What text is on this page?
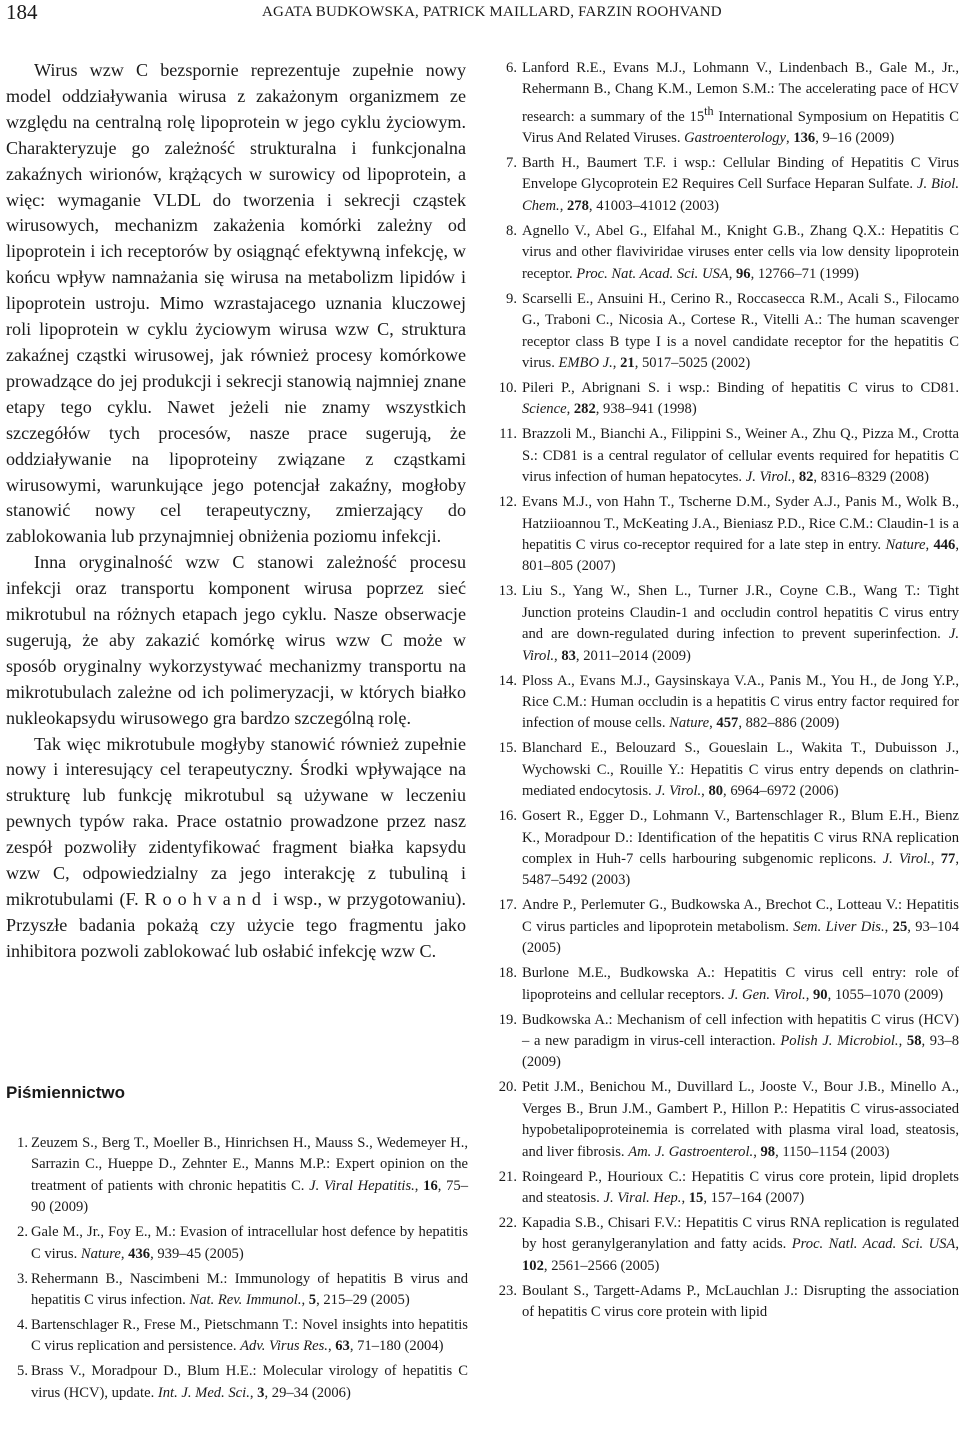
184	AGATA BUDKOWSKA, PATRICK MAILLARD, FARZIN ROOHVAND

Wirus wzw C bezspornie reprezentuje zupełnie nowy model oddziaływania wirusa z zakażonym organizmem ze względu na centralną rolę lipoprotein w jego cyklu życiowym. Charakteryzuje go zależność strukturalna i funkcjonalna zakaźnych wirionów, krążących w surowicy od lipoprotein, a więc: wymaganie VLDL do tworzenia i sekrecji cząstek wirusowych, mechanizm zakażenia komórki zależny od lipoprotein i ich receptorów by osiągnąć efektywną infekcję, w końcu wpływ namnażania się wirusa na metabolizm lipidów i lipoprotein ustroju. Mimo wzrastajacego uznania kluczowej roli lipoprotein w cyklu życiowym wirusa wzw C, struktura zakaźnej cząstki wirusowej, jak również procesy komórkowe prowadzące do jej produkcji i sekrecji stanowią najmniej znane etapy tego cyklu. Nawet jeżeli nie znamy wszystkich szczegółów tych procesów, nasze prace sugerują, że oddziaływanie na lipoproteiny związane z cząstkami wirusowymi, warunkujące jego potencjał zakaźny, mogłoby stanowić nowy cel terapeutyczny, zmierzający do zablokowania lub przynajmniej obniżenia poziomu infekcji.

Inna oryginalność wzw C stanowi zależność procesu infekcji oraz transportu komponent wirusa poprzez sieć mikrotubul na różnych etapach jego cyklu. Nasze obserwacje sugerują, że aby zakazić komórkę wirus wzw C może w sposób oryginalny wykorzystywać mechanizmy transportu na mikrotubulach zależne od ich polimeryzacji, w których białko nukleokapsydu wirusowego gra bardzo szczególną rolę.

Tak więc mikrotubule mogłyby stanowić również zupełnie nowy i interesujący cel terapeutyczny. Środki wpływające na strukturę lub funkcję mikrotubul są używane w leczeniu pewnych typów raka. Prace ostatnio prowadzone przez nasz zespół pozwoliły zidentyfikować fragment białka kapsydu wzw C, odpowiedzialny za jego interakcję z tubuliną i mikrotubulami (F. Roohvand i wsp., w przygotowaniu). Przyszłe badania pokażą czy użycie tego fragmentu jako inhibitora pozwoli zablokować lub osłabić infekcję wzw C.

Piśmiennictwo
1. Zeuzem S., Berg T., Moeller B., Hinrichsen H., Mauss S., Wedemeyer H., Sarrazin C., Hueppe D., Zehnter E., Manns M.P.: Expert opinion on the treatment of patients with chronic hepatitis C. J. Viral Hepatitis., 16, 75–90 (2009)
2. Gale M., Jr., Foy E., M.: Evasion of intracellular host defence by hepatitis C virus. Nature, 436, 939–45 (2005)
3. Rehermann B., Nascimbeni M.: Immunology of hepatitis B virus and hepatitis C virus infection. Nat. Rev. Immunol., 5, 215–29 (2005)
4. Bartenschlager R., Frese M., Pietschmann T.: Novel insights into hepatitis C virus replication and persistence. Adv. Virus Res., 63, 71–180 (2004)
5. Brass V., Moradpour D., Blum H.E.: Molecular virology of hepatitis C virus (HCV), update. Int. J. Med. Sci., 3, 29–34 (2006)
6. Lanford R.E., Evans M.J., Lohmann V., Lindenbach B., Gale M., Jr., Rehermann B., Chang K.M., Lemon S.M.: The accelerating pace of HCV research: a summary of the 15th International Symposium on Hepatitis C Virus And Related Viruses. Gastroenterology, 136, 9–16 (2009)
7. Barth H., Baumert T.F. i wsp.: Cellular Binding of Hepatitis C Virus Envelope Glycoprotein E2 Requires Cell Surface Heparan Sulfate. J. Biol. Chem., 278, 41003–41012 (2003)
8. Agnello V., Abel G., Elfahal M., Knight G.B., Zhang Q.X.: Hepatitis C virus and other flaviviridae viruses enter cells via low density lipoprotein receptor. Proc. Nat. Acad. Sci. USA, 96, 12766–71 (1999)
9. Scarselli E., Ansuini H., Cerino R., Roccasecca R.M., Acali S., Filocamo G., Traboni C., Nicosia A., Cortese R., Vitelli A.: The human scavenger receptor class B type I is a novel candidate receptor for the hepatitis C virus. EMBO J., 21, 5017–5025 (2002)
10. Pileri P., Abrignani S. i wsp.: Binding of hepatitis C virus to CD81. Science, 282, 938–941 (1998)
11. Brazzoli M., Bianchi A., Filippini S., Weiner A., Zhu Q., Pizza M., Crotta S.: CD81 is a central regulator of cellular events required for hepatitis C virus infection of human hepatocytes. J. Virol., 82, 8316–8329 (2008)
12. Evans M.J., von Hahn T., Tscherne D.M., Syder A.J., Panis M., Wolk B., Hatziioannou T., McKeating J.A., Bieniasz P.D., Rice C.M.: Claudin-1 is a hepatitis C virus co-receptor required for a late step in entry. Nature, 446, 801–805 (2007)
13. Liu S., Yang W., Shen L., Turner J.R., Coyne C.B., Wang T.: Tight Junction proteins Claudin-1 and occludin control hepatitis C virus entry and are down-regulated during infection to prevent superinfection. J. Virol., 83, 2011–2014 (2009)
14. Ploss A., Evans M.J., Gaysinskaya V.A., Panis M., You H., de Jong Y.P., Rice C.M.: Human occludin is a hepatitis C virus entry factor required for infection of mouse cells. Nature, 457, 882–886 (2009)
15. Blanchard E., Belouzard S., Goueslain L., Wakita T., Dubuisson J., Wychowski C., Rouille Y.: Hepatitis C virus entry depends on clathrin-mediated endocytosis. J. Virol., 80, 6964–6972 (2006)
16. Gosert R., Egger D., Lohmann V., Bartenschlager R., Blum E.H., Bienz K., Moradpour D.: Identification of the hepatitis C virus RNA replication complex in Huh-7 cells harbouring subgenomic replicons. J. Virol., 77, 5487–5492 (2003)
17. Andre P., Perlemuter G., Budkowska A., Brechot C., Lotteau V.: Hepatitis C virus particles and lipoprotein metabolism. Sem. Liver Dis., 25, 93–104 (2005)
18. Burlone M.E., Budkowska A.: Hepatitis C virus cell entry: role of lipoproteins and cellular receptors. J. Gen. Virol., 90, 1055–1070 (2009)
19. Budkowska A.: Mechanism of cell infection with hepatitis C virus (HCV) – a new paradigm in virus-cell interaction. Polish J. Microbiol., 58, 93–8 (2009)
20. Petit J.M., Benichou M., Duvillard L., Jooste V., Bour J.B., Minello A., Verges B., Brun J.M., Gambert P., Hillon P.: Hepatitis C virus-associated hypobetalipoproteinemia is correlated with plasma viral load, steatosis, and liver fibrosis. Am. J. Gastroenterol., 98, 1150–1154 (2003)
21. Roingeard P., Hourioux C.: Hepatitis C virus core protein, lipid droplets and steatosis. J. Viral. Hep., 15, 157–164 (2007)
22. Kapadia S.B., Chisari F.V.: Hepatitis C virus RNA replication is regulated by host geranylgeranylation and fatty acids. Proc. Natl. Acad. Sci. USA, 102, 2561–2566 (2005)
23. Boulant S., Targett-Adams P., McLauchlan J.: Disrupting the association of hepatitis C virus core protein with lipid
